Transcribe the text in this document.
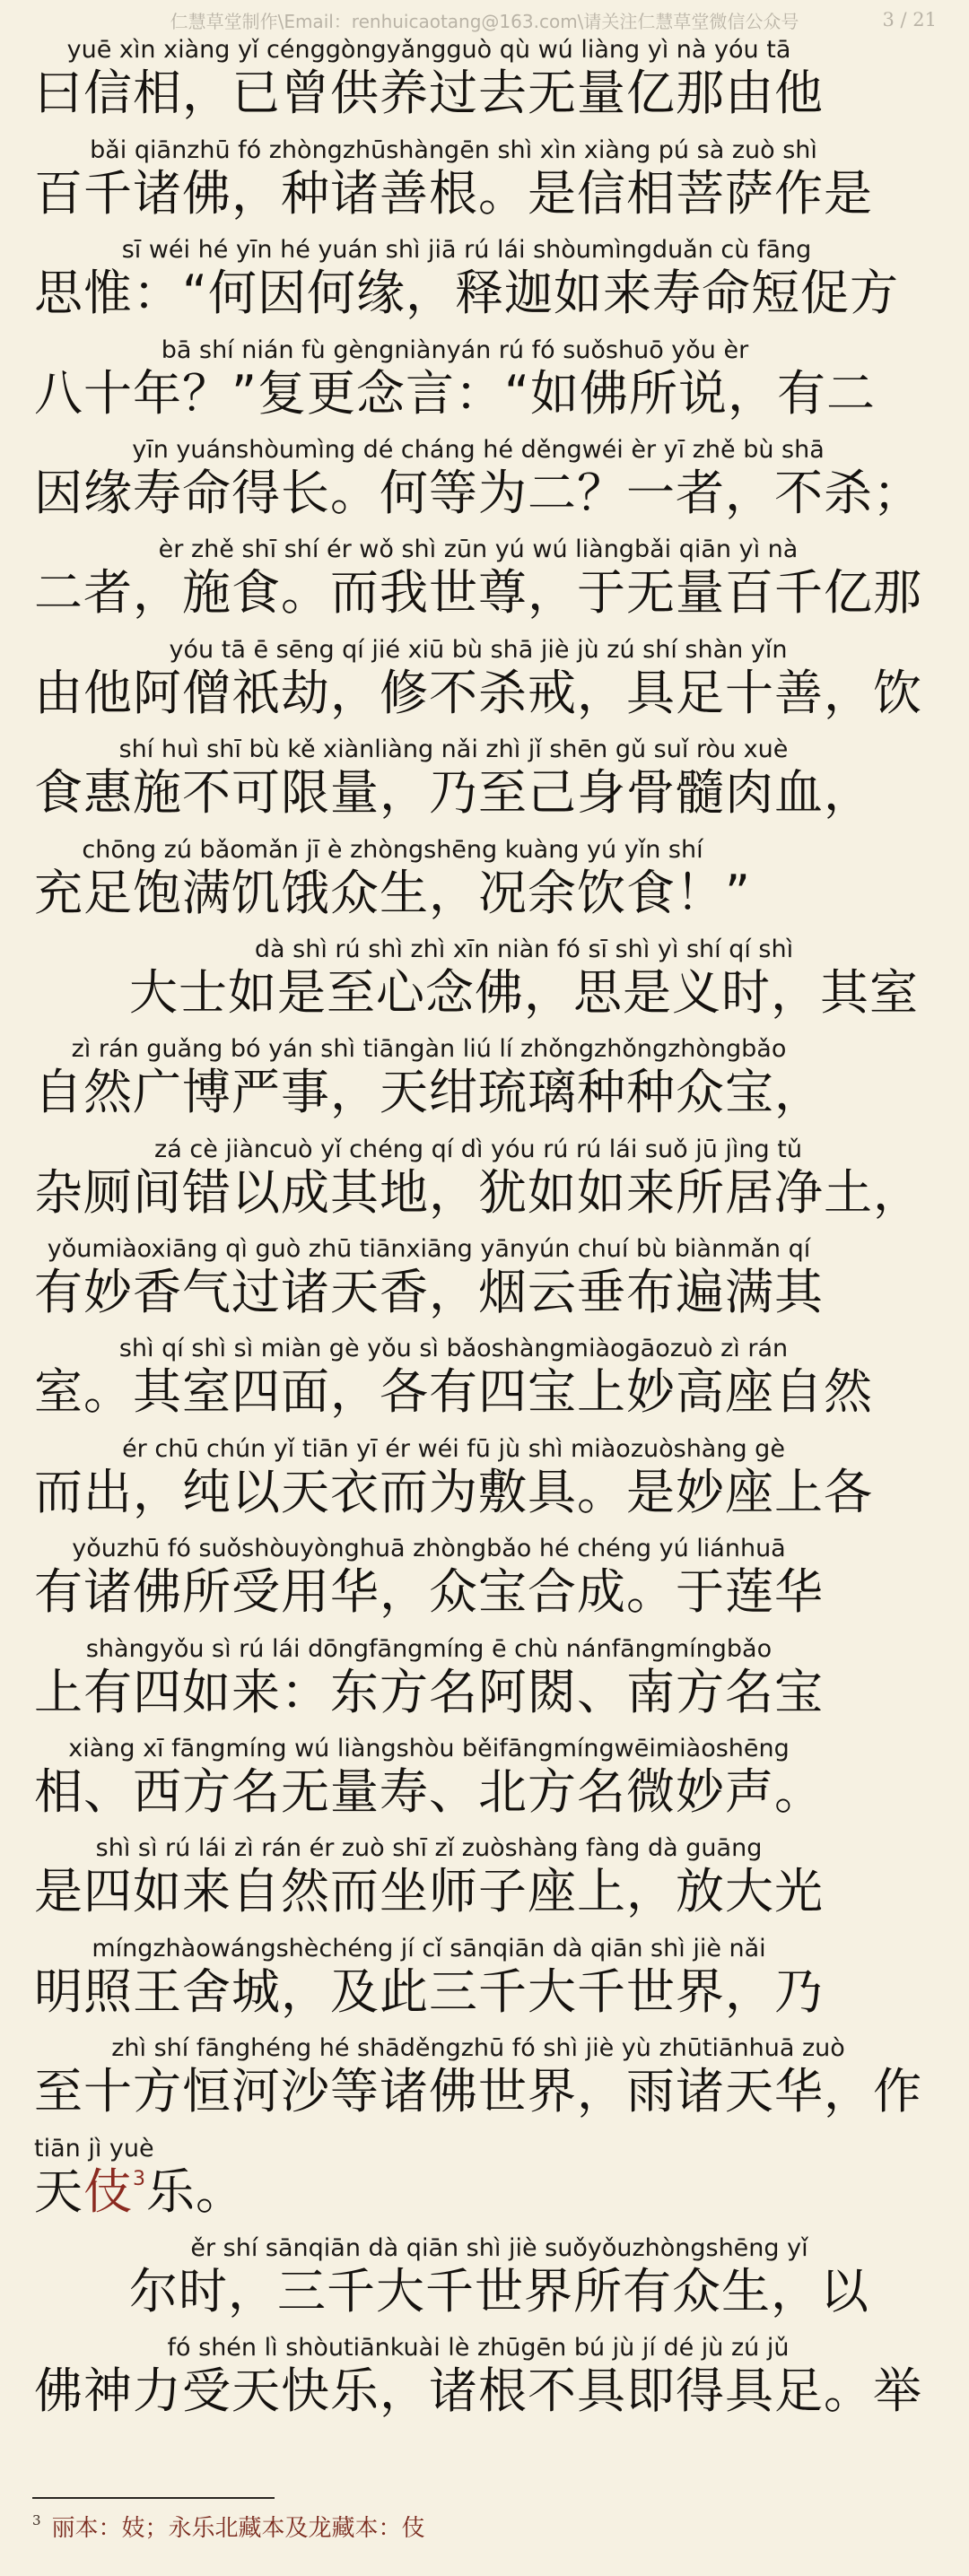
仁慧草堂制作\Email：renhuicaotang@163.com\请关注仁慧草堂微信公众号	3 / 21
yuē xìn xiàng yǐ cénggòngyǎngguò qù wú liàng yì nà yóu tā
曰信相，已曾供养过去无量亿那由他
bǎi qiānzhū fó zhòngzhūshàngēn shì xìn xiàng pú sà zuò shì
百千诸佛，种诸善根。是信相菩萨作是
sī wéi hé yīn hé yuán shì jiā rú lái shòumìngduǎn cù fāng
思惟：“何因何缘，释迦如来寿命短促方
bā shí nián fù gèngniànyán rú fó suǒshuō yǒu èr
八十年？”复更念言：“如佛所说，有二
yīn yuánshòumìng dé cháng hé děngwéi èr yī zhě bù shā
因缘寿命得长。何等为二？一者，不杀；
èr zhě shī shí ér wǒ shì zūn yú wú liàngbǎi qiān yì nà
二者，施食。而我世尊，于无量百千亿那
yóu tā ē sēng qí jié xiū bù shā jiè jù zú shí shàn yǐn
由他阿僧祇劫，修不杀戒，具足十善，饮
shí huì shī bù kě xiànliàng nǎi zhì jǐ shēn gǔ suǐ ròu xuè
食惠施不可限量，乃至己身骨髓肉血，
chōng zú bǎomǎn jī è zhòngshēng kuàng yú yǐn shí
充足饱满饥饿众生，况余饮食！”
dà shì rú shì zhì xīn niàn fó sī shì yì shí qí shì
大士如是至心念佛，思是义时，其室
zì rán guǎng bó yán shì tiāngàn liú lí zhǒngzhǒngzhòngbǎo
自然广博严事，天绀琉璃种种众宝，
zá cè jiàncuò yǐ chéng qí dì yóu rú rú lái suǒ jū jìng tǔ
杂厕间错以成其地，犹如如来所居净土，
yǒumiàoxiāng qì guò zhū tiānxiāng yānyún chuí bù biànmǎn qí
有妙香气过诸天香，烟云垂布遍满其
shì qí shì sì miàn gè yǒu sì bǎoshàngmiàogāozuò zì rán
室。其室四面，各有四宝上妙高座自然
ér chū chún yǐ tiān yī ér wéi fū jù shì miàozuòshàng gè
而出，纯以天衣而为敷具。是妙座上各
yǒuzhū fó suǒshòuyònghuā zhòngbǎo hé chéng yú liánhuā
有诸佛所受用华，众宝合成。于莲华
shàngyǒu sì rú lái dōngfāngmíng ē chù nánfāngmíngbǎo
上有四如来：东方名阿閦、南方名宝
xiàng xī fāngmíng wú liàngshòu běifāngmíngwēimiàoshēng
相、西方名无量寿、北方名微妙声。
shì sì rú lái zì rán ér zuò shī zǐ zuòshàng fàng dà guāng
是四如来自然而坐师子座上，放大光
míngzhàowángshèchéng jí cǐ sānqiān dà qiān shì jiè nǎi
明照王舍城，及此三千大千世界，乃
zhì shí fānghéng hé shāděngzhū fó shì jiè yù zhūtiānhuā zuò
至十方恒河沙等诸佛世界，雨诸天华，作
tiān jì yuè
天伎$^3$乐。
ěr shí sānqiān dà qiān shì jiè suǒyǒuzhòngshēng yǐ
尔时，三千大千世界所有众生，以
fó shén lì shòutiānkuài lè zhūgēn bú jù jí dé jù zú jǔ
佛神力受天快乐，诸根不具即得具足。举
$^3$ 丽本：妓；永乐北藏本及龙藏本：伎
